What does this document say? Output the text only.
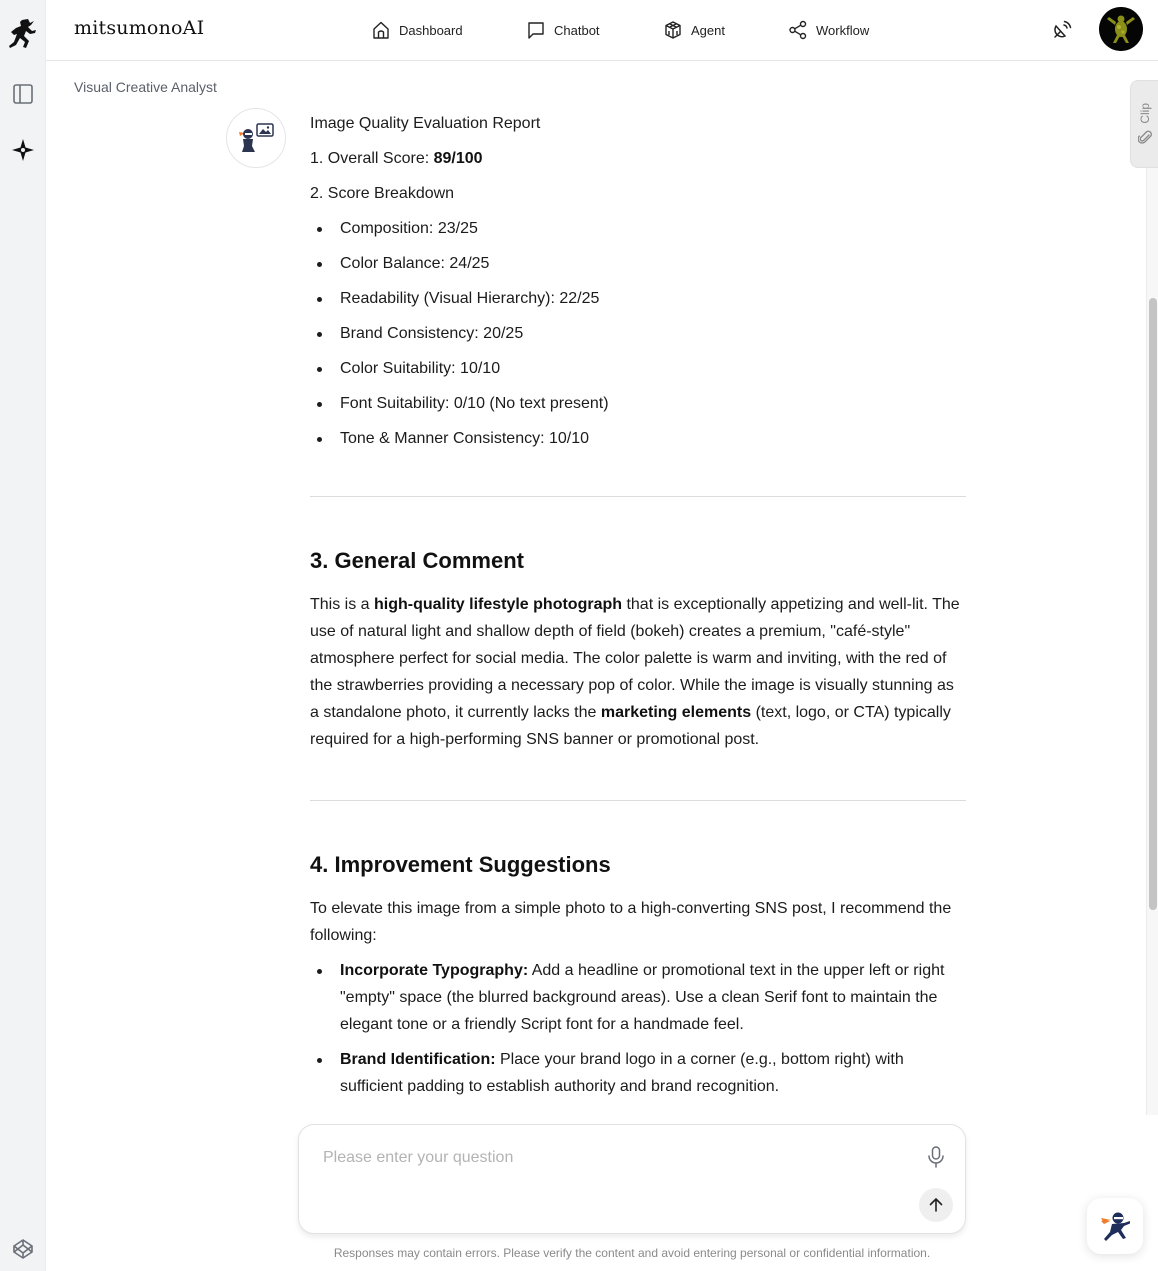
mitsumonoAI	Dashboard	Chatbot	Agent	Workflow
Visual Creative Analyst

Image Quality Evaluation Report

1. Overall Score: 89/100

2. Score Breakdown

Composition: 23/25
Color Balance: 24/25
Readability (Visual Hierarchy): 22/25
Brand Consistency: 20/25
Color Suitability: 10/10
Font Suitability: 0/10 (No text present)
Tone & Manner Consistency: 10/10
3. General Comment

This is a high-quality lifestyle photograph that is exceptionally appetizing and well-lit. The use of natural light and shallow depth of field (bokeh) creates a premium, "café-style" atmosphere perfect for social media. The color palette is warm and inviting, with the red of the strawberries providing a necessary pop of color. While the image is visually stunning as a standalone photo, it currently lacks the marketing elements (text, logo, or CTA) typically required for a high-performing SNS banner or promotional post.

4. Improvement Suggestions

To elevate this image from a simple photo to a high-converting SNS post, I recommend the following:

Incorporate Typography: Add a headline or promotional text in the upper left or right "empty" space (the blurred background areas). Use a clean Serif font to maintain the elegant tone or a friendly Script font for a handmade feel.
Brand Identification: Place your brand logo in a corner (e.g., bottom right) with sufficient padding to establish authority and brand recognition.
Clip
Please enter your question
Responses may contain errors. Please verify the content and avoid entering personal or confidential information.
